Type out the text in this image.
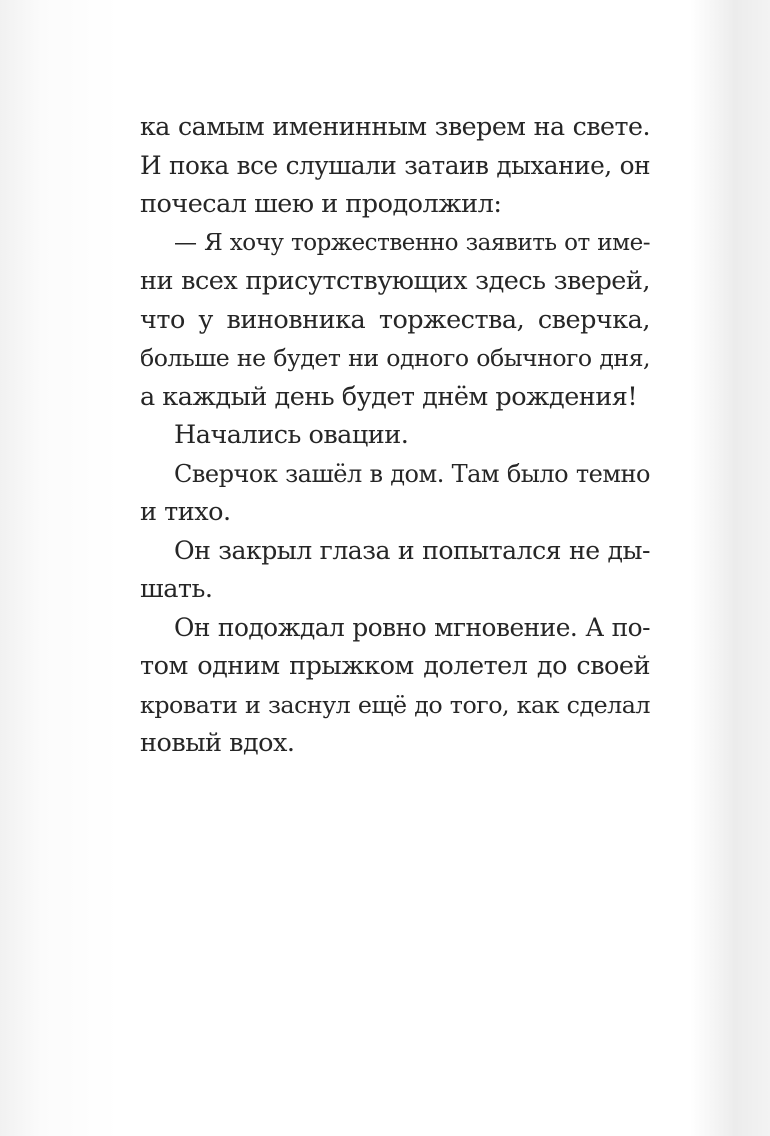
ка самым именинным зверем на свете.
И пока все слушали затаив дыхание, он
почесал шею и продолжил:
— Я хочу торжественно заявить от име-
ни всех присутствующих здесь зверей,
что у виновника торжества, сверчка,
больше не будет ни одного обычного дня,
а каждый день будет днём рождения!
Начались овации.
Сверчок зашёл в дом. Там было темно
и тихо.
Он закрыл глаза и попытался не ды-
шать.
Он подождал ровно мгновение. А по-
том одним прыжком долетел до своей
кровати и заснул ещё до того, как сделал
новый вдох.
